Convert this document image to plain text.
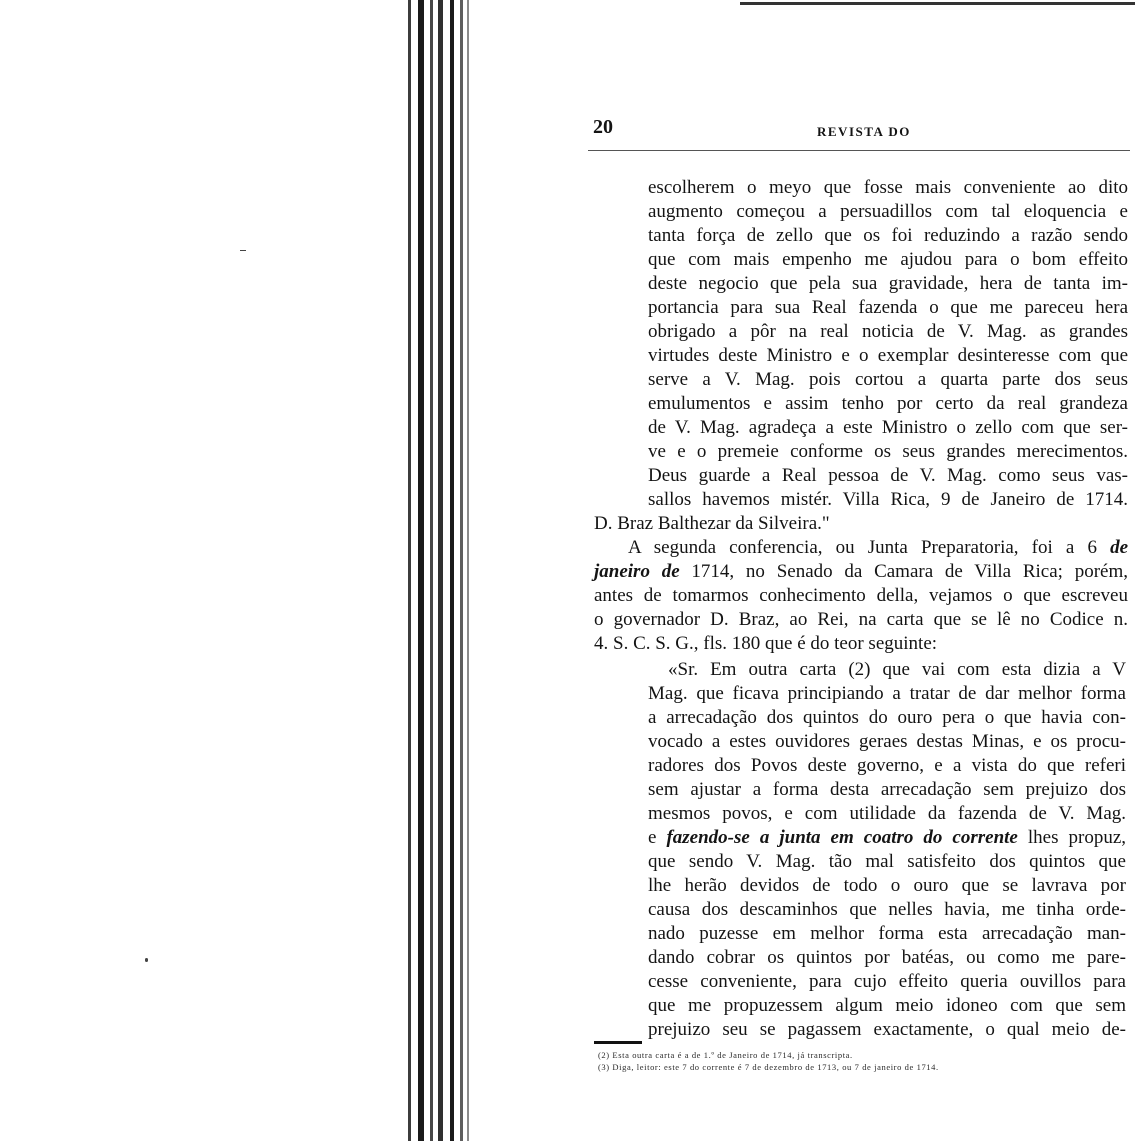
20	REVISTA DO
escolherem o meyo que fosse mais conveniente ao dito
augmento começou a persuadillos com tal eloquencia e
tanta força de zello que os foi reduzindo a razão sendo
que com mais empenho me ajudou para o bom effeito
deste negocio que pela sua gravidade, hera de tanta im-
portancia para sua Real fazenda o que me pareceu hera
obrigado a pôr na real noticia de V. Mag. as grandes
virtudes deste Ministro e o exemplar desinteresse com que
serve a V. Mag. pois cortou a quarta parte dos seus
emulumentos e assim tenho por certo da real grandeza
de V. Mag. agradeça a este Ministro o zello com que ser-
ve e o premeie conforme os seus grandes merecimentos.
Deus guarde a Real pessoa de V. Mag. como seus vas-
sallos havemos mistér. Villa Rica, 9 de Janeiro de 1714.
D. Braz Balthezar da Silveira."
A segunda conferencia, ou Junta Preparatoria, foi a 6 de
janeiro de 1714, no Senado da Camara de Villa Rica; porém,
antes de tomarmos conhecimento della, vejamos o que escreveu
o governador D. Braz, ao Rei, na carta que se lê no Codice n.
4. S. C. S. G., fls. 180 que é do teor seguinte:
«Sr. Em outra carta (2) que vai com esta dizia a V
Mag. que ficava principiando a tratar de dar melhor forma
a arrecadação dos quintos do ouro pera o que havia con-
vocado a estes ouvidores geraes destas Minas, e os procu-
radores dos Povos deste governo, e a vista do que referi
sem ajustar a forma desta arrecadação sem prejuizo dos
mesmos povos, e com utilidade da fazenda de V. Mag.
e fazendo-se a junta em coatro do corrente lhes propuz,
que sendo V. Mag. tão mal satisfeito dos quintos que
lhe herão devidos de todo o ouro que se lavrava por
causa dos descaminhos que nelles havia, me tinha orde-
nado puzesse em melhor forma esta arrecadação man-
dando cobrar os quintos por batéas, ou como me pare-
cesse conveniente, para cujo effeito queria ouvillos para
que me propuzessem algum meio idoneo com que sem
prejuizo seu se pagassem exactamente, o qual meio de-
(2) Esta outra carta é a de 1.º de Janeiro de 1714, já transcripta.
(3) Diga, leitor: este 7 do corrente é 7 de dezembro de 1713, ou 7 de janeiro de 1714.
